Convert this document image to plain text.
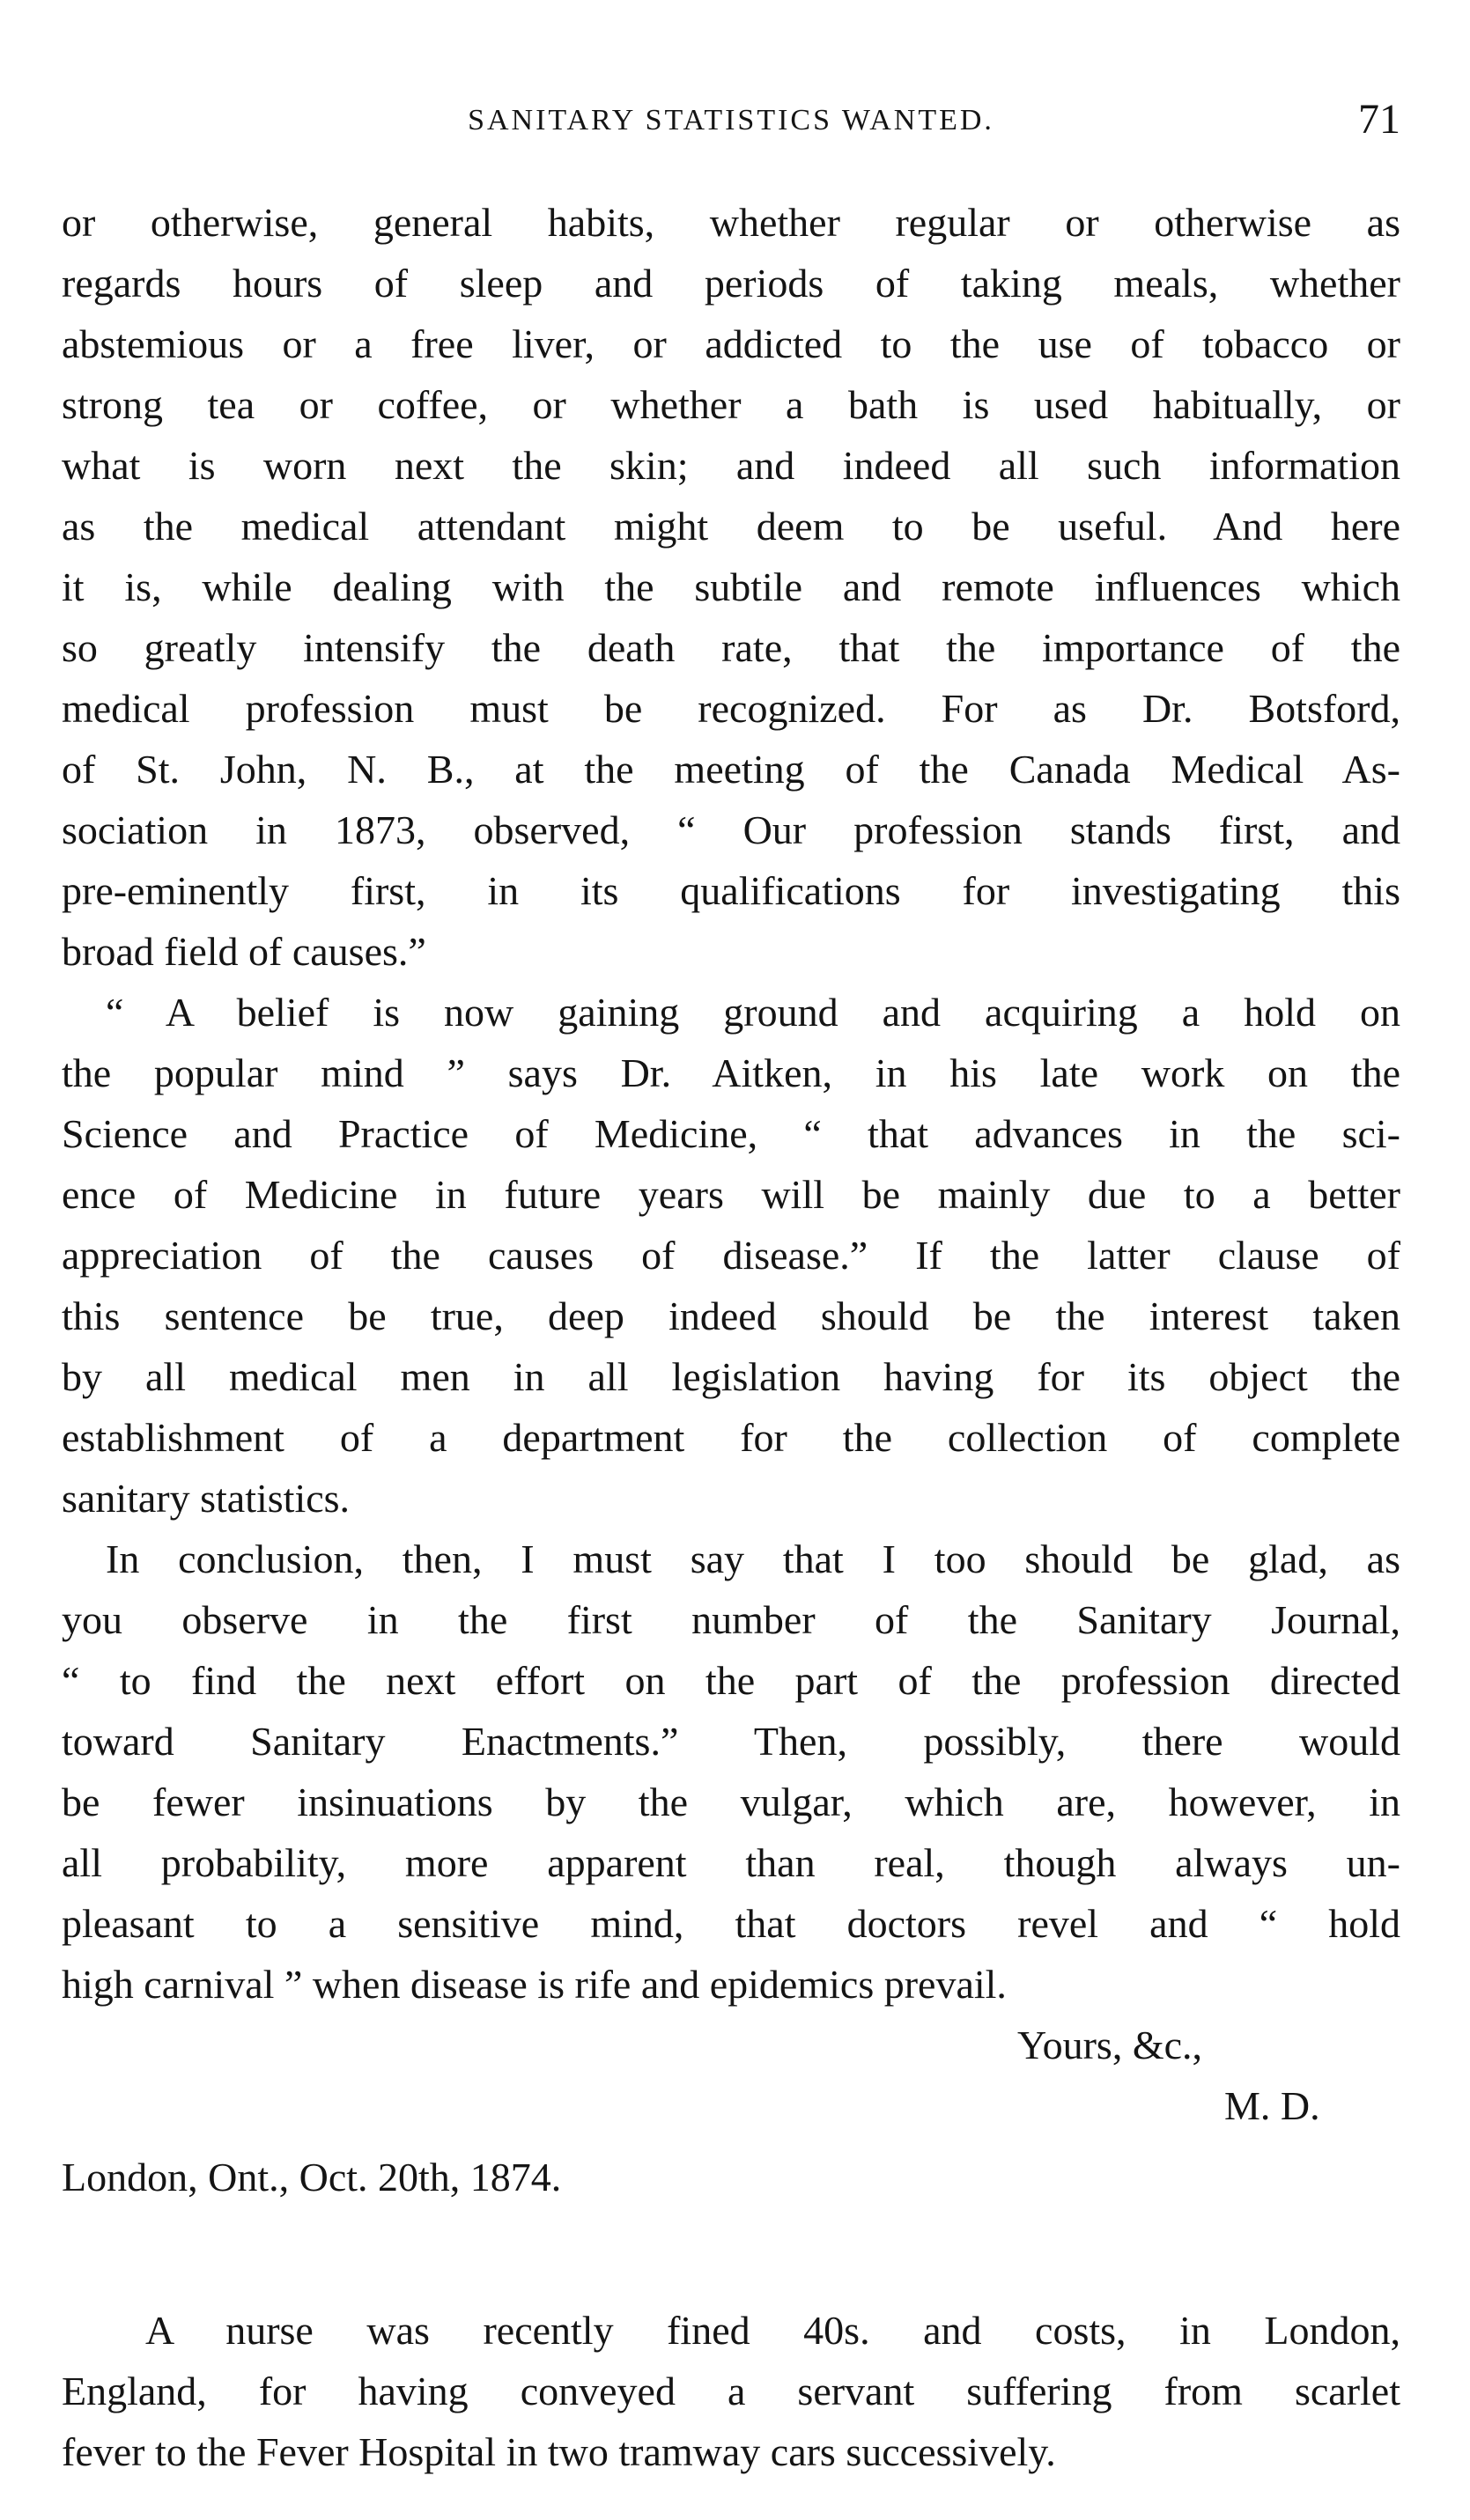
SANITARY STATISTICS WANTED.	71
or otherwise, general habits, whether regular or otherwise as
regards hours of sleep and periods of taking meals, whether
abstemious or a free liver, or addicted to the use of tobacco or
strong tea or coffee, or whether a bath is used habitually, or
what is worn next the skin; and indeed all such information
as the medical attendant might deem to be useful. And here
it is, while dealing with the subtile and remote influences which
so greatly intensify the death rate, that the importance of the
medical profession must be recognized. For as Dr. Botsford,
of St. John, N. B., at the meeting of the Canada Medical As-
sociation in 1873, observed, “ Our profession stands first, and
pre-eminently first, in its qualifications for investigating this
broad field of causes.”
“ A belief is now gaining ground and acquiring a hold on
the popular mind ” says Dr. Aitken, in his late work on the
Science and Practice of Medicine, “ that advances in the sci-
ence of Medicine in future years will be mainly due to a better
appreciation of the causes of disease.” If the latter clause of
this sentence be true, deep indeed should be the interest taken
by all medical men in all legislation having for its object the
establishment of a department for the collection of complete
sanitary statistics.
In conclusion, then, I must say that I too should be glad, as
you observe in the first number of the Sanitary Journal,
“ to find the next effort on the part of the profession directed
toward Sanitary Enactments.” Then, possibly, there would
be fewer insinuations by the vulgar, which are, however, in
all probability, more apparent than real, though always un-
pleasant to a sensitive mind, that doctors revel and “ hold
high carnival ” when disease is rife and epidemics prevail.
Yours, &c.,
M. D.
London, Ont., Oct. 20th, 1874.
A nurse was recently fined 40s. and costs, in London,
England, for having conveyed a servant suffering from scarlet
fever to the Fever Hospital in two tramway cars successively.
